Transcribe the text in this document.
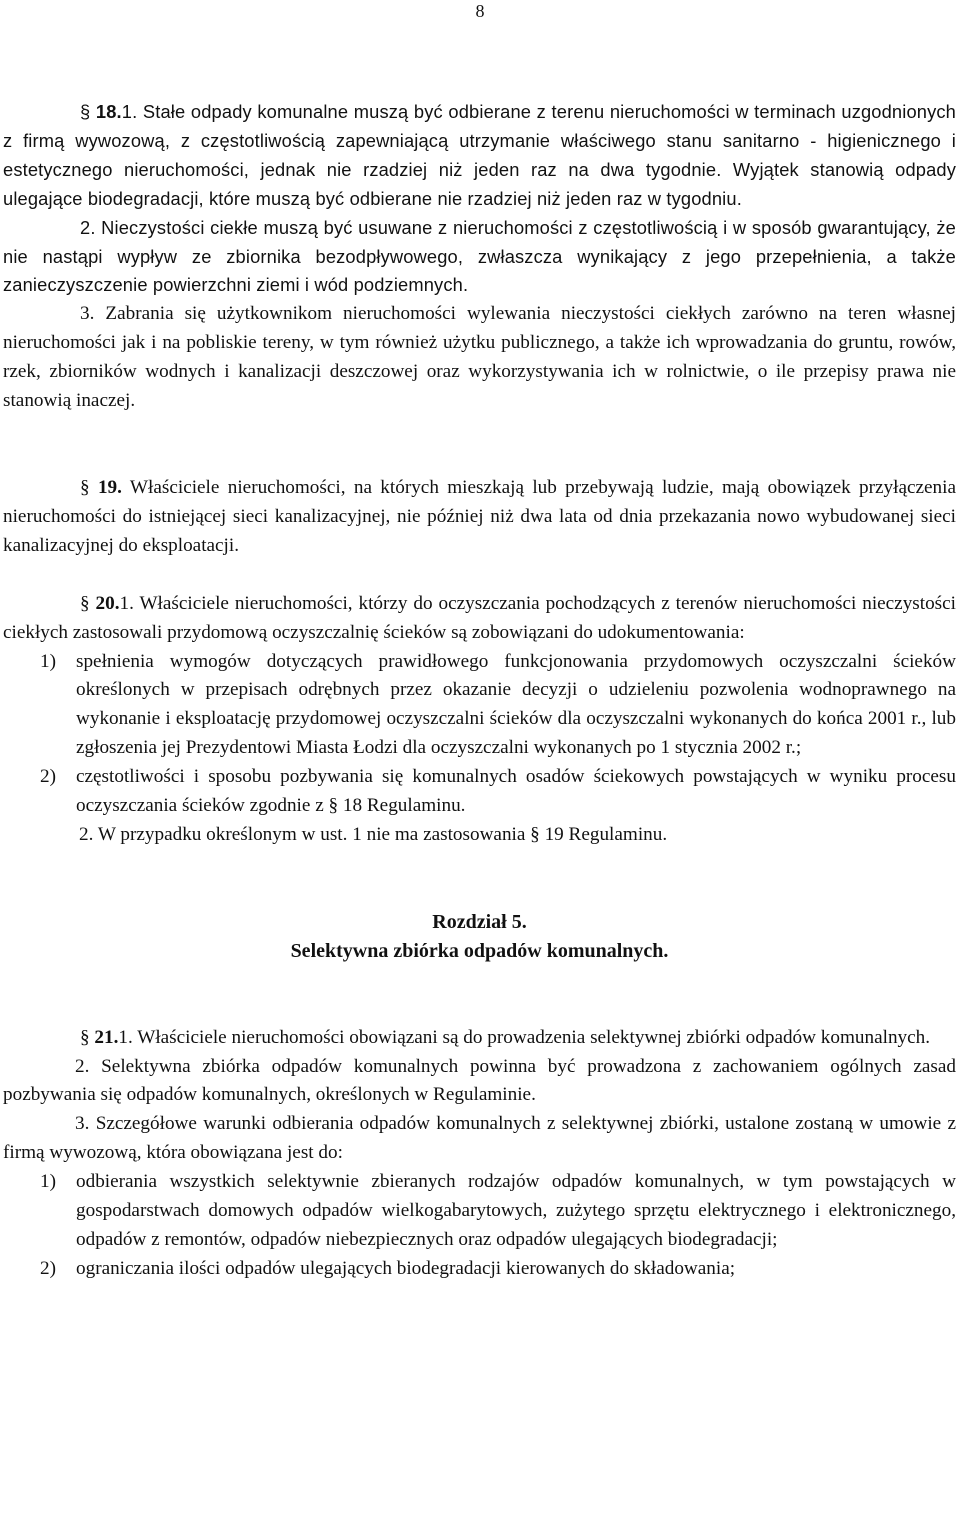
8

§ 18.1. Stałe odpady komunalne muszą być odbierane z terenu nieruchomości w terminach uzgodnionych z firmą wywozową, z częstotliwością zapewniającą utrzymanie właściwego stanu sanitarno - higienicznego i estetycznego nieruchomości, jednak nie rzadziej niż jeden raz na dwa tygodnie. Wyjątek stanowią odpady ulegające biodegradacji, które muszą być odbierane nie rzadziej niż jeden raz w tygodniu.

2. Nieczystości ciekłe muszą być usuwane z nieruchomości z częstotliwością i w sposób gwarantujący, że nie nastąpi wypływ ze zbiornika bezodpływowego, zwłaszcza wynikający z jego przepełnienia, a także zanieczyszczenie powierzchni ziemi i wód podziemnych.

3. Zabrania się użytkownikom nieruchomości wylewania nieczystości ciekłych zarówno na teren własnej nieruchomości jak i na pobliskie tereny, w tym również użytku publicznego, a także ich wprowadzania do gruntu, rowów, rzek, zbiorników wodnych i kanalizacji deszczowej oraz wykorzystywania ich w rolnictwie, o ile przepisy prawa nie stanowią inaczej.

§ 19. Właściciele nieruchomości, na których mieszkają lub przebywają ludzie, mają obowiązek przyłączenia nieruchomości do istniejącej sieci kanalizacyjnej, nie później niż dwa lata od dnia przekazania nowo wybudowanej sieci kanalizacyjnej do eksploatacji.

§ 20.1. Właściciele nieruchomości, którzy do oczyszczania pochodzących z terenów nieruchomości nieczystości ciekłych zastosowali przydomową oczyszczalnię ścieków są zobowiązani do udokumentowania:

1) spełnienia wymogów dotyczących prawidłowego funkcjonowania przydomowych oczyszczalni ścieków określonych w przepisach odrębnych przez okazanie decyzji o udzieleniu pozwolenia wodnoprawnego na wykonanie i eksploatację przydomowej oczyszczalni ścieków dla oczyszczalni wykonanych do końca 2001 r., lub zgłoszenia jej Prezydentowi Miasta Łodzi dla oczyszczalni wykonanych po 1 stycznia 2002 r.;
2) częstotliwości i sposobu pozbywania się komunalnych osadów ściekowych powstających w wyniku procesu oczyszczania ścieków zgodnie z § 18 Regulaminu.

2. W przypadku określonym w ust. 1 nie ma zastosowania § 19 Regulaminu.

Rozdział 5.
Selektywna zbiórka odpadów komunalnych.

§ 21.1. Właściciele nieruchomości obowiązani są do prowadzenia selektywnej zbiórki odpadów komunalnych.

2. Selektywna zbiórka odpadów komunalnych powinna być prowadzona z zachowaniem ogólnych zasad pozbywania się odpadów komunalnych, określonych w Regulaminie.

3. Szczegółowe warunki odbierania odpadów komunalnych z selektywnej zbiórki, ustalone zostaną w umowie z firmą wywozową, która obowiązana jest do:

1) odbierania wszystkich selektywnie zbieranych rodzajów odpadów komunalnych, w tym powstających w gospodarstwach domowych odpadów wielkogabarytowych, zużytego sprzętu elektrycznego i elektronicznego, odpadów z remontów, odpadów niebezpiecznych oraz odpadów ulegających biodegradacji;
2) ograniczania ilości odpadów ulegających biodegradacji kierowanych do składowania;
